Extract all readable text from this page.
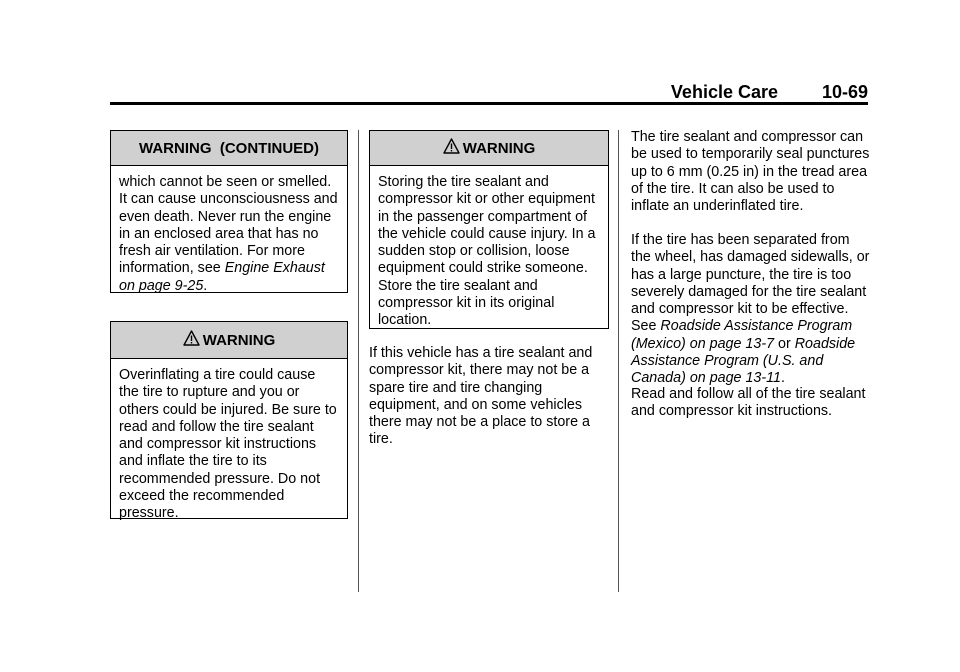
Vehicle Care 10-69
WARNING  (CONTINUED)
which cannot be seen or smelled. It can cause unconsciousness and even death. Never run the engine in an enclosed area that has no fresh air ventilation. For more information, see Engine Exhaust on page 9-25.
WARNING
Overinflating a tire could cause the tire to rupture and you or others could be injured. Be sure to read and follow the tire sealant and compressor kit instructions and inflate the tire to its recommended pressure. Do not exceed the recommended pressure.
WARNING
Storing the tire sealant and compressor kit or other equipment in the passenger compartment of the vehicle could cause injury. In a sudden stop or collision, loose equipment could strike someone. Store the tire sealant and compressor kit in its original location.
If this vehicle has a tire sealant and compressor kit, there may not be a spare tire and tire changing equipment, and on some vehicles there may not be a place to store a tire.
The tire sealant and compressor can be used to temporarily seal punctures up to 6 mm (0.25 in) in the tread area of the tire. It can also be used to inflate an underinflated tire.
If the tire has been separated from the wheel, has damaged sidewalls, or has a large puncture, the tire is too severely damaged for the tire sealant and compressor kit to be effective. See Roadside Assistance Program (Mexico) on page 13-7 or Roadside Assistance Program (U.S. and Canada) on page 13-11.
Read and follow all of the tire sealant and compressor kit instructions.
